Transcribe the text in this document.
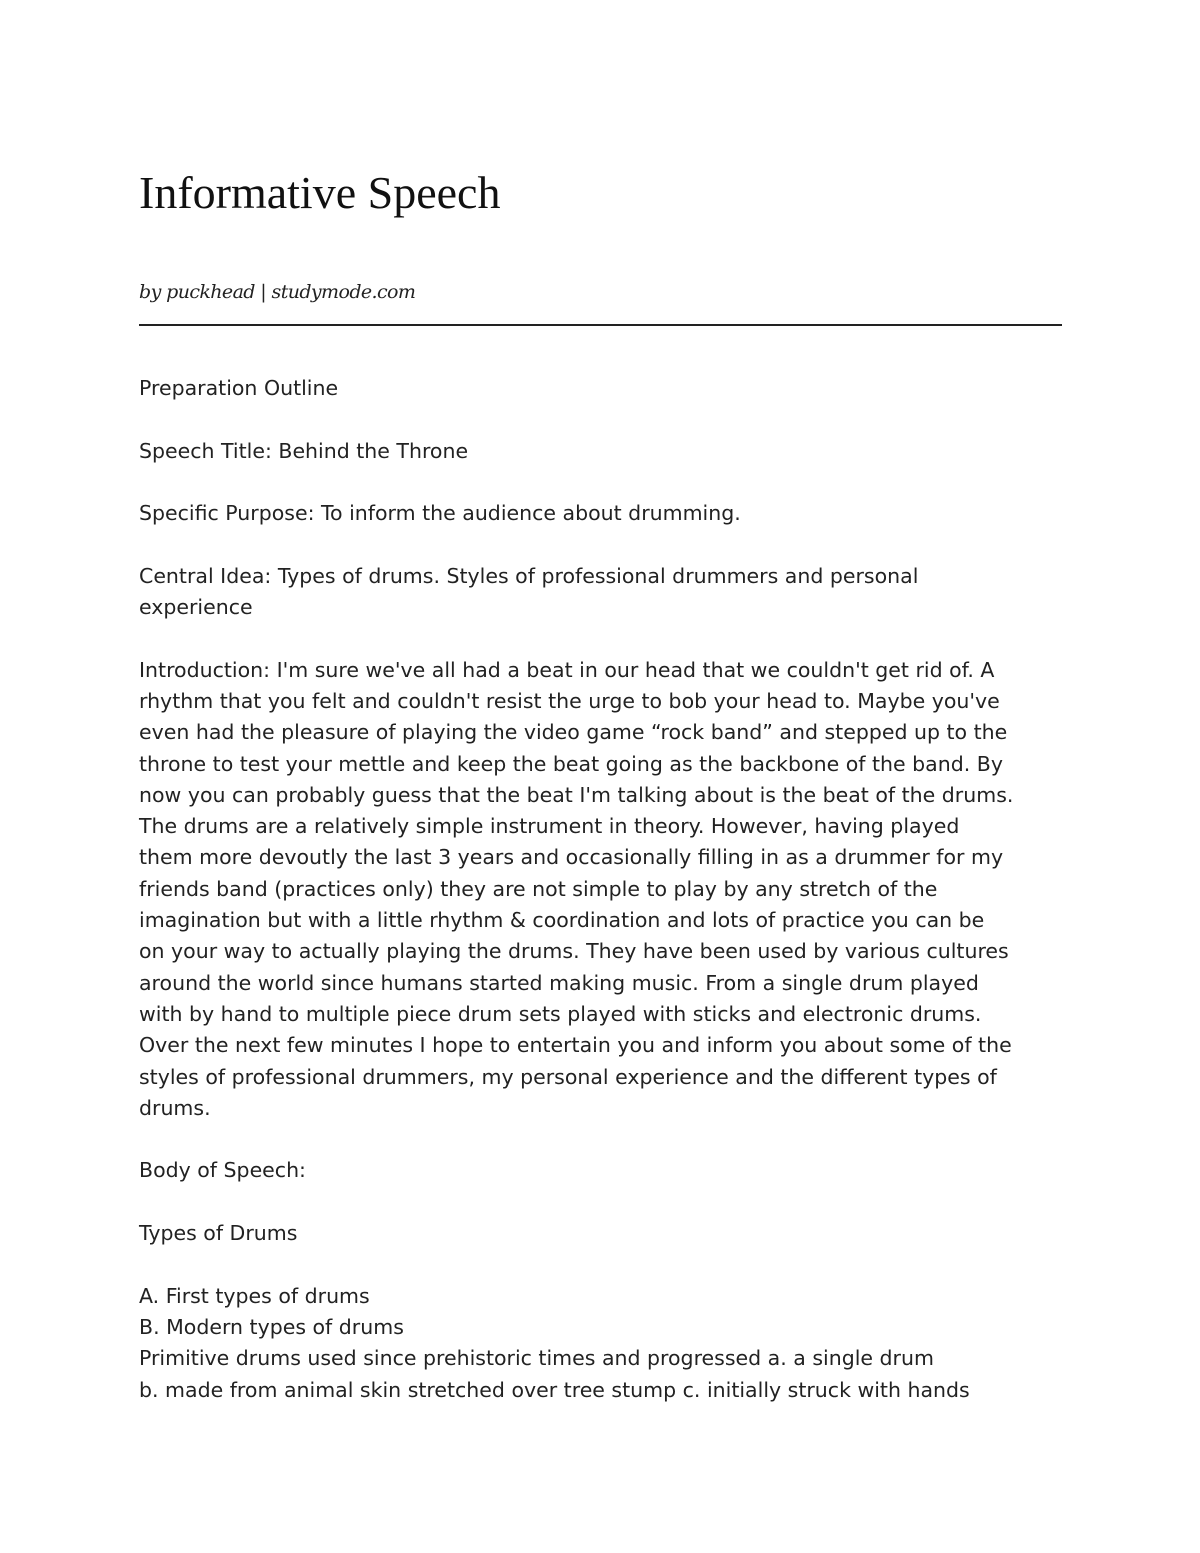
Informative Speech
by puckhead | studymode.com

Preparation Outline

Speech Title: Behind the Throne

Specific Purpose: To inform the audience about drumming.

Central Idea: Types of drums. Styles of professional drummers and personal
experience

Introduction: I'm sure we've all had a beat in our head that we couldn't get rid of. A
rhythm that you felt and couldn't resist the urge to bob your head to. Maybe you've
even had the pleasure of playing the video game “rock band” and stepped up to the
throne to test your mettle and keep the beat going as the backbone of the band. By
now you can probably guess that the beat I'm talking about is the beat of the drums.
The drums are a relatively simple instrument in theory. However, having played
them more devoutly the last 3 years and occasionally filling in as a drummer for my
friends band (practices only) they are not simple to play by any stretch of the
imagination but with a little rhythm & coordination and lots of practice you can be
on your way to actually playing the drums. They have been used by various cultures
around the world since humans started making music. From a single drum played
with by hand to multiple piece drum sets played with sticks and electronic drums.
Over the next few minutes I hope to entertain you and inform you about some of the
styles of professional drummers, my personal experience and the different types of
drums.

Body of Speech:

Types of Drums

A. First types of drums
B. Modern types of drums
Primitive drums used since prehistoric times and progressed a. a single drum
b. made from animal skin stretched over tree stump c. initially struck with hands
